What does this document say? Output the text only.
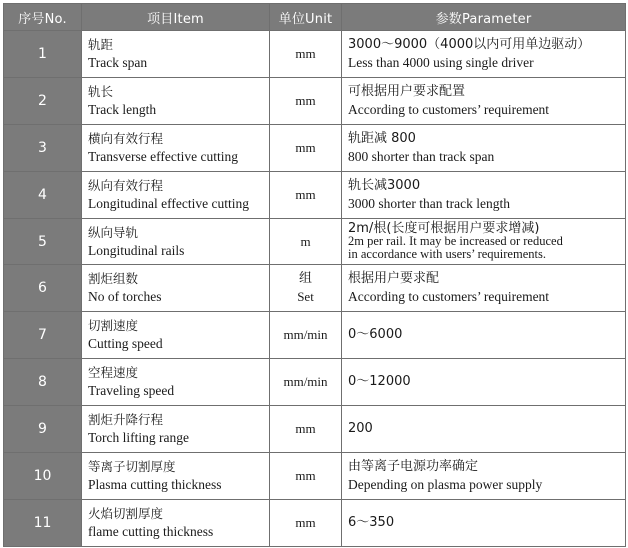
序号No.	项目Item	单位Unit	参数Parameter
1	轨距
Track span	mm	3000～9000（4000以内可用单边驱动）
Less than 4000 using single driver

2	轨长
Track length	mm	可根据用户要求配置
According to customers’ requirement

3	横向有效行程
Transverse effective cutting	mm	轨距减 800
800 shorter than track span

4	纵向有效行程
Longitudinal effective cutting	mm	轨长减3000
3000 shorter than track length

5	纵向导轨
Longitudinal rails	m	2m/根(长度可根据用户要求增减)
2m per rail. It may be increased or reduced
in accordance with users’ requirements.

6	割炬组数
No of torches	组
Set	根据用户要求配
According to customers’ requirement

7	切割速度
Cutting speed	mm/min	0～6000

8	空程速度
Traveling speed	mm/min	0～12000

9	割炬升降行程
Torch lifting range	mm	200

10	等离子切割厚度
Plasma cutting thickness	mm	由等离子电源功率确定
Depending on plasma power supply

11	火焰切割厚度
flame cutting thickness	mm	6～350
